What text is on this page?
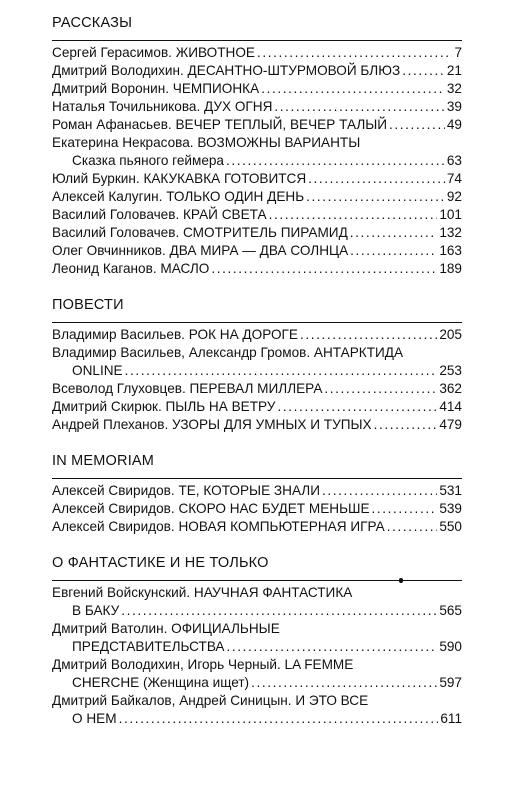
РАССКАЗЫ
Сергей Герасимов. ЖИВОТНОЕ .....	7
Дмитрий Володихин. ДЕСАНТНО-ШТУРМОВОЙ БЛЮЗ .....	21
Дмитрий Воронин. ЧЕМПИОНКА .....	32
Наталья Точильникова. ДУХ ОГНЯ .....	39
Роман Афанасьев. ВЕЧЕР ТЕПЛЫЙ, ВЕЧЕР ТАЛЫЙ .....	49
Екатерина Некрасова. ВОЗМОЖНЫ ВАРИАНТЫ
Сказка пьяного геймера .....	63
Юлий Буркин. КАКУКАВКА ГОТОВИТСЯ .....	74
Алексей Калугин. ТОЛЬКО ОДИН ДЕНЬ .....	92
Василий Головачев. КРАЙ СВЕТА .....	101
Василий Головачев. СМОТРИТЕЛЬ ПИРАМИД .....	132
Олег Овчинников. ДВА МИРА — ДВА СОЛНЦА .....	163
Леонид Каганов. МАСЛО .....	189
ПОВЕСТИ
Владимир Васильев. РОК НА ДОРОГЕ .....	205
Владимир Васильев, Александр Громов. АНТАРКТИДА
ONLINE .....	253
Всеволод Глуховцев. ПЕРЕВАЛ МИЛЛЕРА .....	362
Дмитрий Скирюк. ПЫЛЬ НА ВЕТРУ .....	414
Андрей Плеханов. УЗОРЫ ДЛЯ УМНЫХ И ТУПЫХ .....	479
IN MEMORIAM
Алексей Свиридов. ТЕ, КОТОРЫЕ ЗНАЛИ .....	531
Алексей Свиридов. СКОРО НАС БУДЕТ МЕНЬШЕ .....	539
Алексей Свиридов. НОВАЯ КОМПЬЮТЕРНАЯ ИГРА .....	550
О ФАНТАСТИКЕ И НЕ ТОЛЬКО
Евгений Войскунский. НАУЧНАЯ ФАНТАСТИКА
В БАКУ .....	565
Дмитрий Ватолин. ОФИЦИАЛЬНЫЕ
ПРЕДСТАВИТЕЛЬСТВА .....	590
Дмитрий Володихин, Игорь Черный. LA FEMME
CHERCHE (Женщина ищет) .....	597
Дмитрий Байкалов, Андрей Синицын. И ЭТО ВСЕ
О НЕМ .....	611
